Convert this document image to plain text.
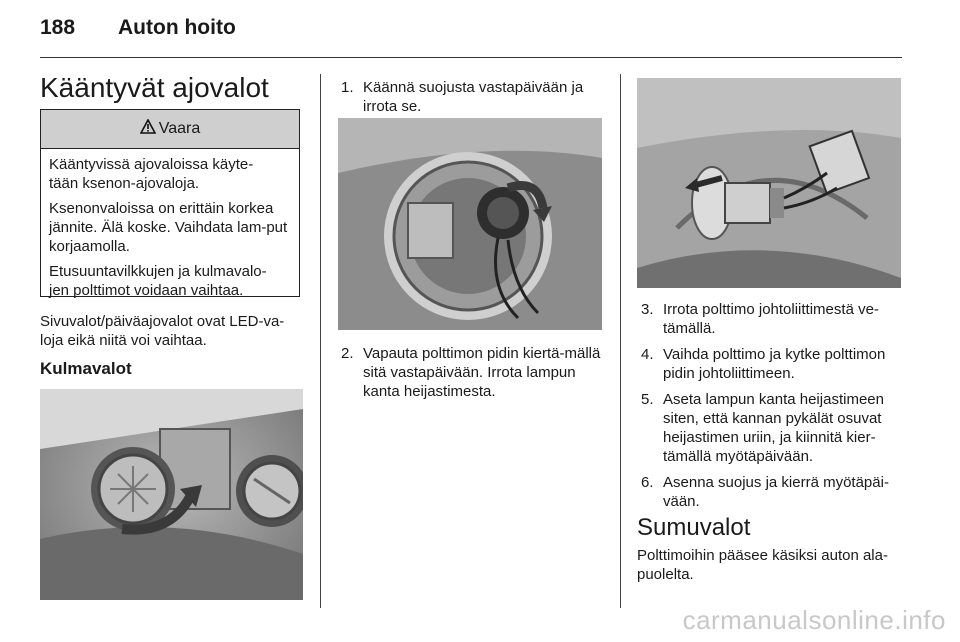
188 Auton hoito
Kääntyvät ajovalot
Vaara

Kääntyvissä ajovaloissa käyte-tään ksenon-ajovaloja.

Ksenonvaloissa on erittäin korkea jännite. Älä koske. Vaihdata lam-put korjaamolla.

Etusuuntavilkkujen ja kulmavalo-jen polttimot voidaan vaihtaa.

Sivuvalot/päiväajovalot ovat LED-va-loja eikä niitä voi vaihtaa.
Kulmavalot
1. Käännä suojusta vastapäivään ja irrota se.
2. Vapauta polttimon pidin kiertä-mällä sitä vastapäivään. Irrota lampun kanta heijastimesta.
3. Irrota polttimo johtoliittimestä ve-tämällä.
4. Vaihda polttimo ja kytke polttimon pidin johtoliittimeen.
5. Aseta lampun kanta heijastimeen siten, että kannan pykälät osuvat heijastimen uriin, ja kiinnitä kier-tämällä myötäpäivään.
6. Asenna suojus ja kierrä myötäpäi-vään.
Sumuvalot
Polttimoihin pääsee käsiksi auton ala-puolelta.
carmanualsonline.info
